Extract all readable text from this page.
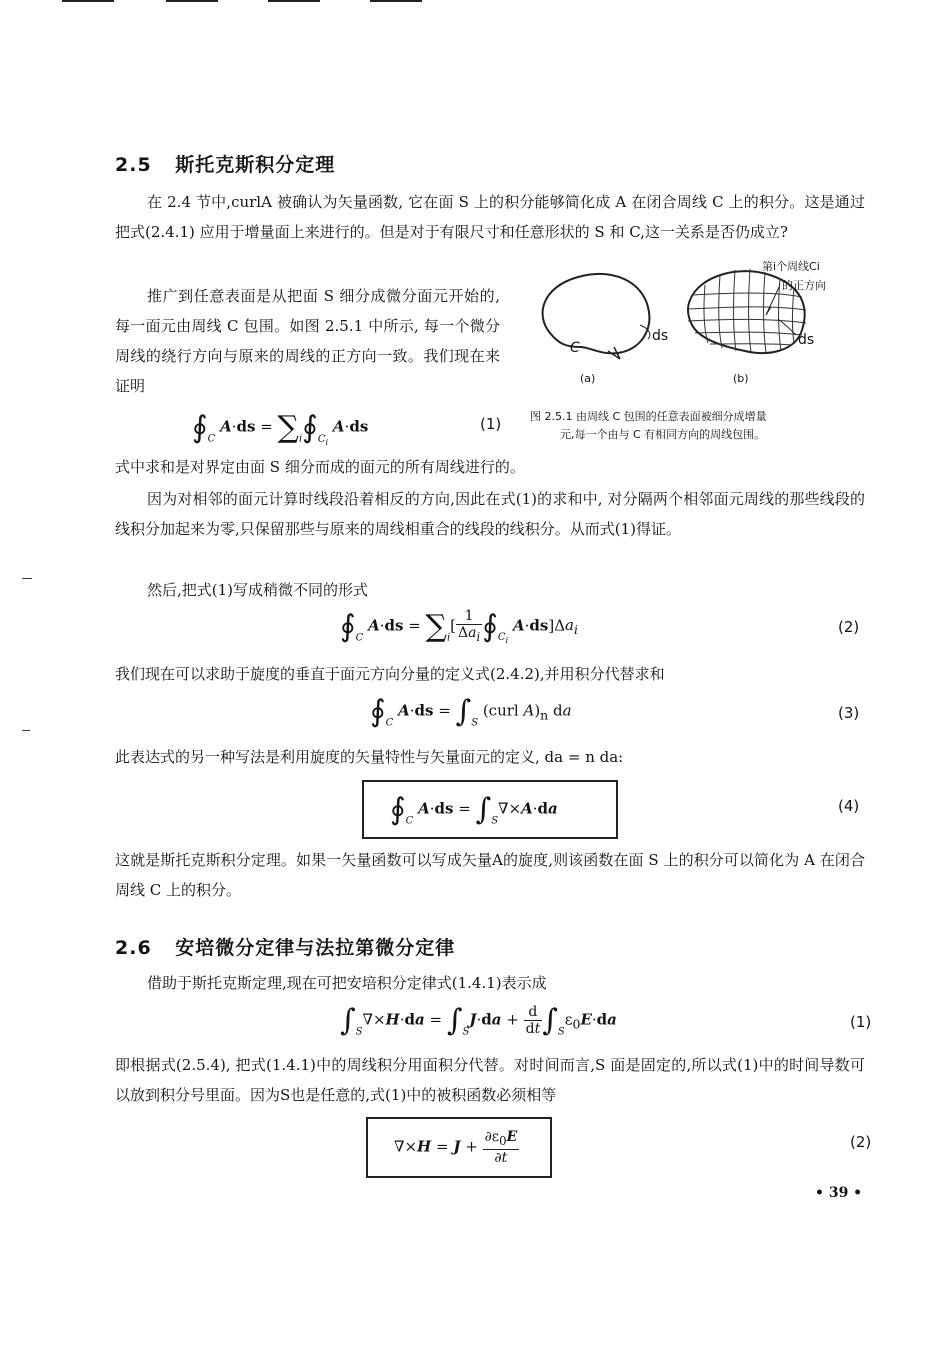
2.5 斯托克斯积分定理
在 2.4 节中,curlA 被确认为矢量函数, 它在面 S 上的积分能够简化成 A 在闭合周线 C 上的积分。这是通过把式(2.4.1) 应用于增量面上来进行的。但是对于有限尺寸和任意形状的 S 和 C,这一关系是否仍成立?
推广到任意表面是从把面 S 细分成微分面元开始的, 每一面元由周线 C 包围。如图 2.5.1 中所示, 每一个微分周线的绕行方向与原来的周线的正方向一致。我们现在来证明
C
ds	ds
第i个周线Ci
的正方向
(a)	(b)
图 2.5.1 由周线 C 包围的任意表面被细分成增量
元,每一个由与 C 有相同方向的周线包围。
$∮_C$ $A\cdot ds = \sum_i∮_{C_i}$ A·ds	(1)
式中求和是对界定由面 S 细分而成的面元的所有周线进行的。
因为对相邻的面元计算时线段沿着相反的方向,因此在式(1)的求和中, 对分隔两个相邻面元周线的那些线段的线积分加起来为零,只保留那些与原来的周线相重合的线段的线积分。从而式(1)得证。
然后,把式(1)写成稍微不同的形式
$∮_C$ $A\cdot ds = \sum_i[ \frac{1}{\Delta a_i}$ $∮_{C_i}$ $A\cdot ds]\Delta a_i$	(2)
我们现在可以求助于旋度的垂直于面元方向分量的定义式(2.4.2),并用积分代替求和
$∮_C$ $A\cdot ds = \int_S$ (curl $A)_n$ da	(3)
此表达式的另一种写法是利用旋度的矢量特性与矢量面元的定义, da = n da:
$∮_C$ $A\cdot ds = \int_S\nabla\times A\cdot da$	(4)
这就是斯托克斯积分定理。如果一矢量函数可以写成矢量A的旋度,则该函数在面 S 上的积分可以简化为 A 在闭合周线 C 上的积分。
2.6 安培微分定律与法拉第微分定律
借助于斯托克斯定理,现在可把安培积分定律式(1.4.1)表示成
$\int_S\nabla\times H\cdot da = \int_SJ\cdot da + \frac{d}{dt} \int_S\varepsilon_0E\cdot da$	(1)
即根据式(2.5.4), 把式(1.4.1)中的周线积分用面积分代替。对时间而言,S 面是固定的,所以式(1)中的时间导数可以放到积分号里面。因为S也是任意的,式(1)中的被积函数必须相等
$\nabla\times H = J + \frac{\partial\varepsilon_0E}{\partial t}$	(2)
• 39 •
